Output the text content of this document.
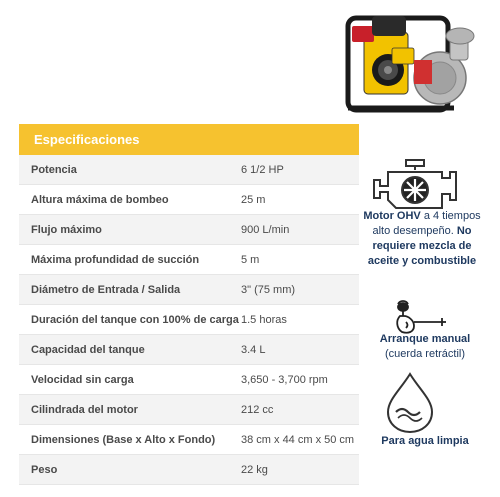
Especificaciones
Potencia	6 1/2 HP
Altura máxima de bombeo	25 m
Flujo máximo	900 L/min
Máxima profundidad de succión	5 m
Diámetro de Entrada / Salida	3" (75 mm)
Duración del tanque con 100% de carga 1.5 horas
Capacidad del tanque	3.4 L
Velocidad sin carga	3,650 - 3,700 rpm
Cilindrada del motor	212 cc
Dimensiones (Base x Alto x Fondo)	38 cm x 44 cm x 50 cm
Peso	22 kg
Motor OHV a 4 tiempos
alto desempeño. No
requiere mezcla de
aceite y combustible
Arranque manual
(cuerda retráctil)
Para agua limpia
